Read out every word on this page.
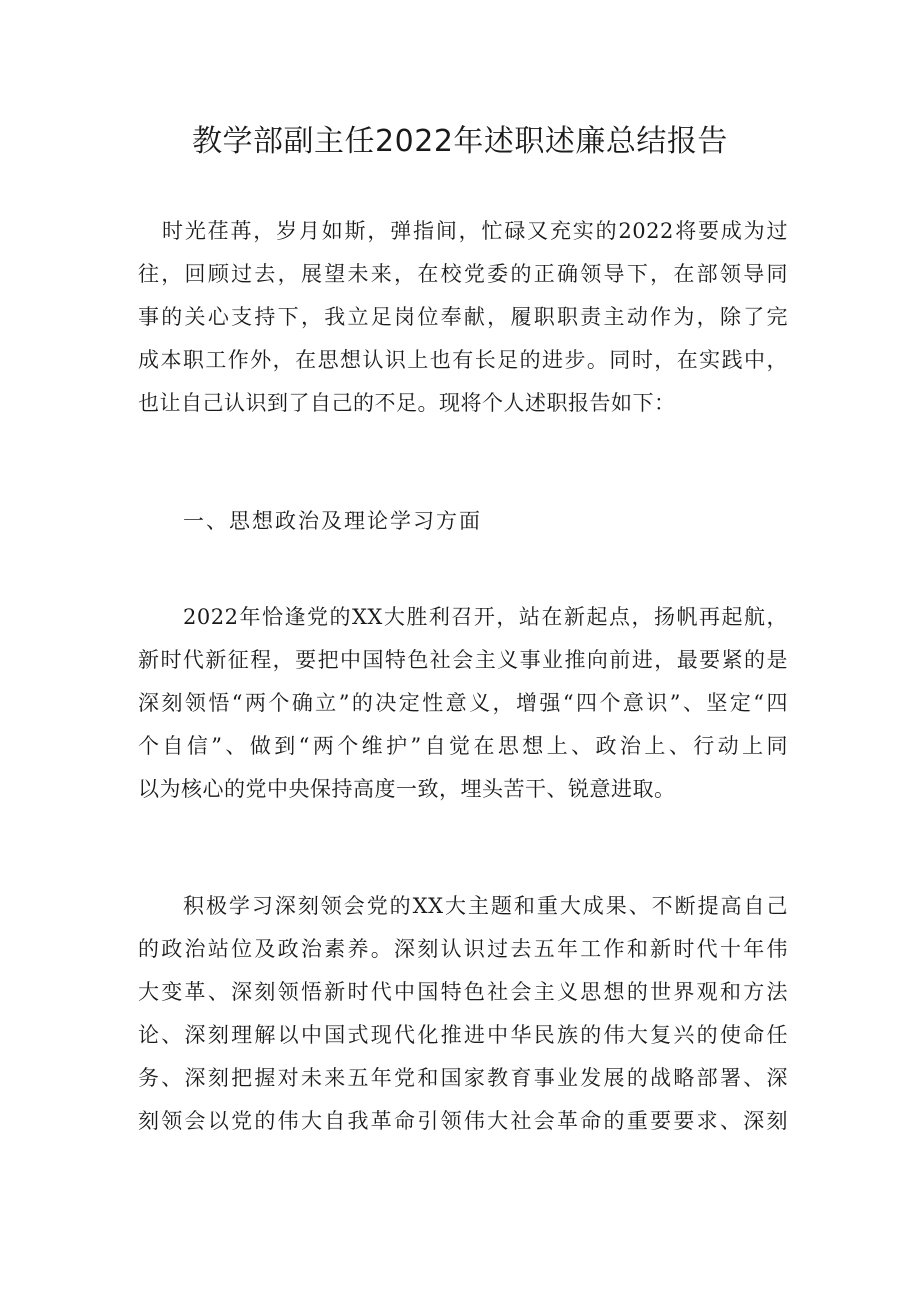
教学部副主任2022年述职述廉总结报告
时光荏苒，岁月如斯，弹指间，忙碌又充实的2022将要成为过
往，回顾过去，展望未来，在校党委的正确领导下，在部领导同
事的关心支持下，我立足岗位奉献，履职职责主动作为，除了完
成本职工作外，在思想认识上也有长足的进步。同时，在实践中，
也让自己认识到了自己的不足。现将个人述职报告如下：
一、思想政治及理论学习方面
2022年恰逢党的XX大胜利召开，站在新起点，扬帆再起航，
新时代新征程，要把中国特色社会主义事业推向前进，最要紧的是
深刻领悟“两个确立”的决定性意义，增强“四个意识”、坚定“四
个自信”、做到“两个维护”自觉在思想上、政治上、行动上同
以为核心的党中央保持高度一致，埋头苦干、锐意进取。
积极学习深刻领会党的XX大主题和重大成果、不断提高自己
的政治站位及政治素养。深刻认识过去五年工作和新时代十年伟
大变革、深刻领悟新时代中国特色社会主义思想的世界观和方法
论、深刻理解以中国式现代化推进中华民族的伟大复兴的使命任
务、深刻把握对未来五年党和国家教育事业发展的战略部署、深
刻领会以党的伟大自我革命引领伟大社会革命的重要要求、深刻
